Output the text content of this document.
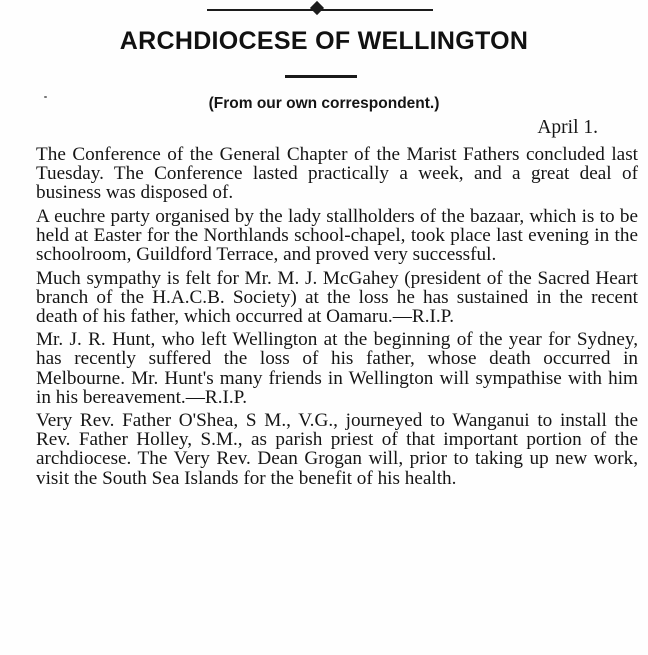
ARCHDIOCESE OF WELLINGTON
(From our own correspondent.)
April 1.

The Conference of the General Chapter of the Marist Fathers concluded last Tuesday. The Conference lasted practically a week, and a great deal of business was disposed of.

A euchre party organised by the lady stallholders of the bazaar, which is to be held at Easter for the Northlands school-chapel, took place last evening in the schoolroom, Guildford Terrace, and proved very successful.

Much sympathy is felt for Mr. M. J. McGahey (president of the Sacred Heart branch of the H.A.C.B. Society) at the loss he has sustained in the recent death of his father, which occurred at Oamaru.—R.I.P.

Mr. J. R. Hunt, who left Wellington at the beginning of the year for Sydney, has recently suffered the loss of his father, whose death occurred in Melbourne. Mr. Hunt's many friends in Wellington will sympathise with him in his bereavement.—R.I.P.

Very Rev. Father O'Shea, S M., V.G., journeyed to Wanganui to install the Rev. Father Holley, S.M., as parish priest of that important portion of the archdiocese. The Very Rev. Dean Grogan will, prior to taking up new work, visit the South Sea Islands for the benefit of his health.
